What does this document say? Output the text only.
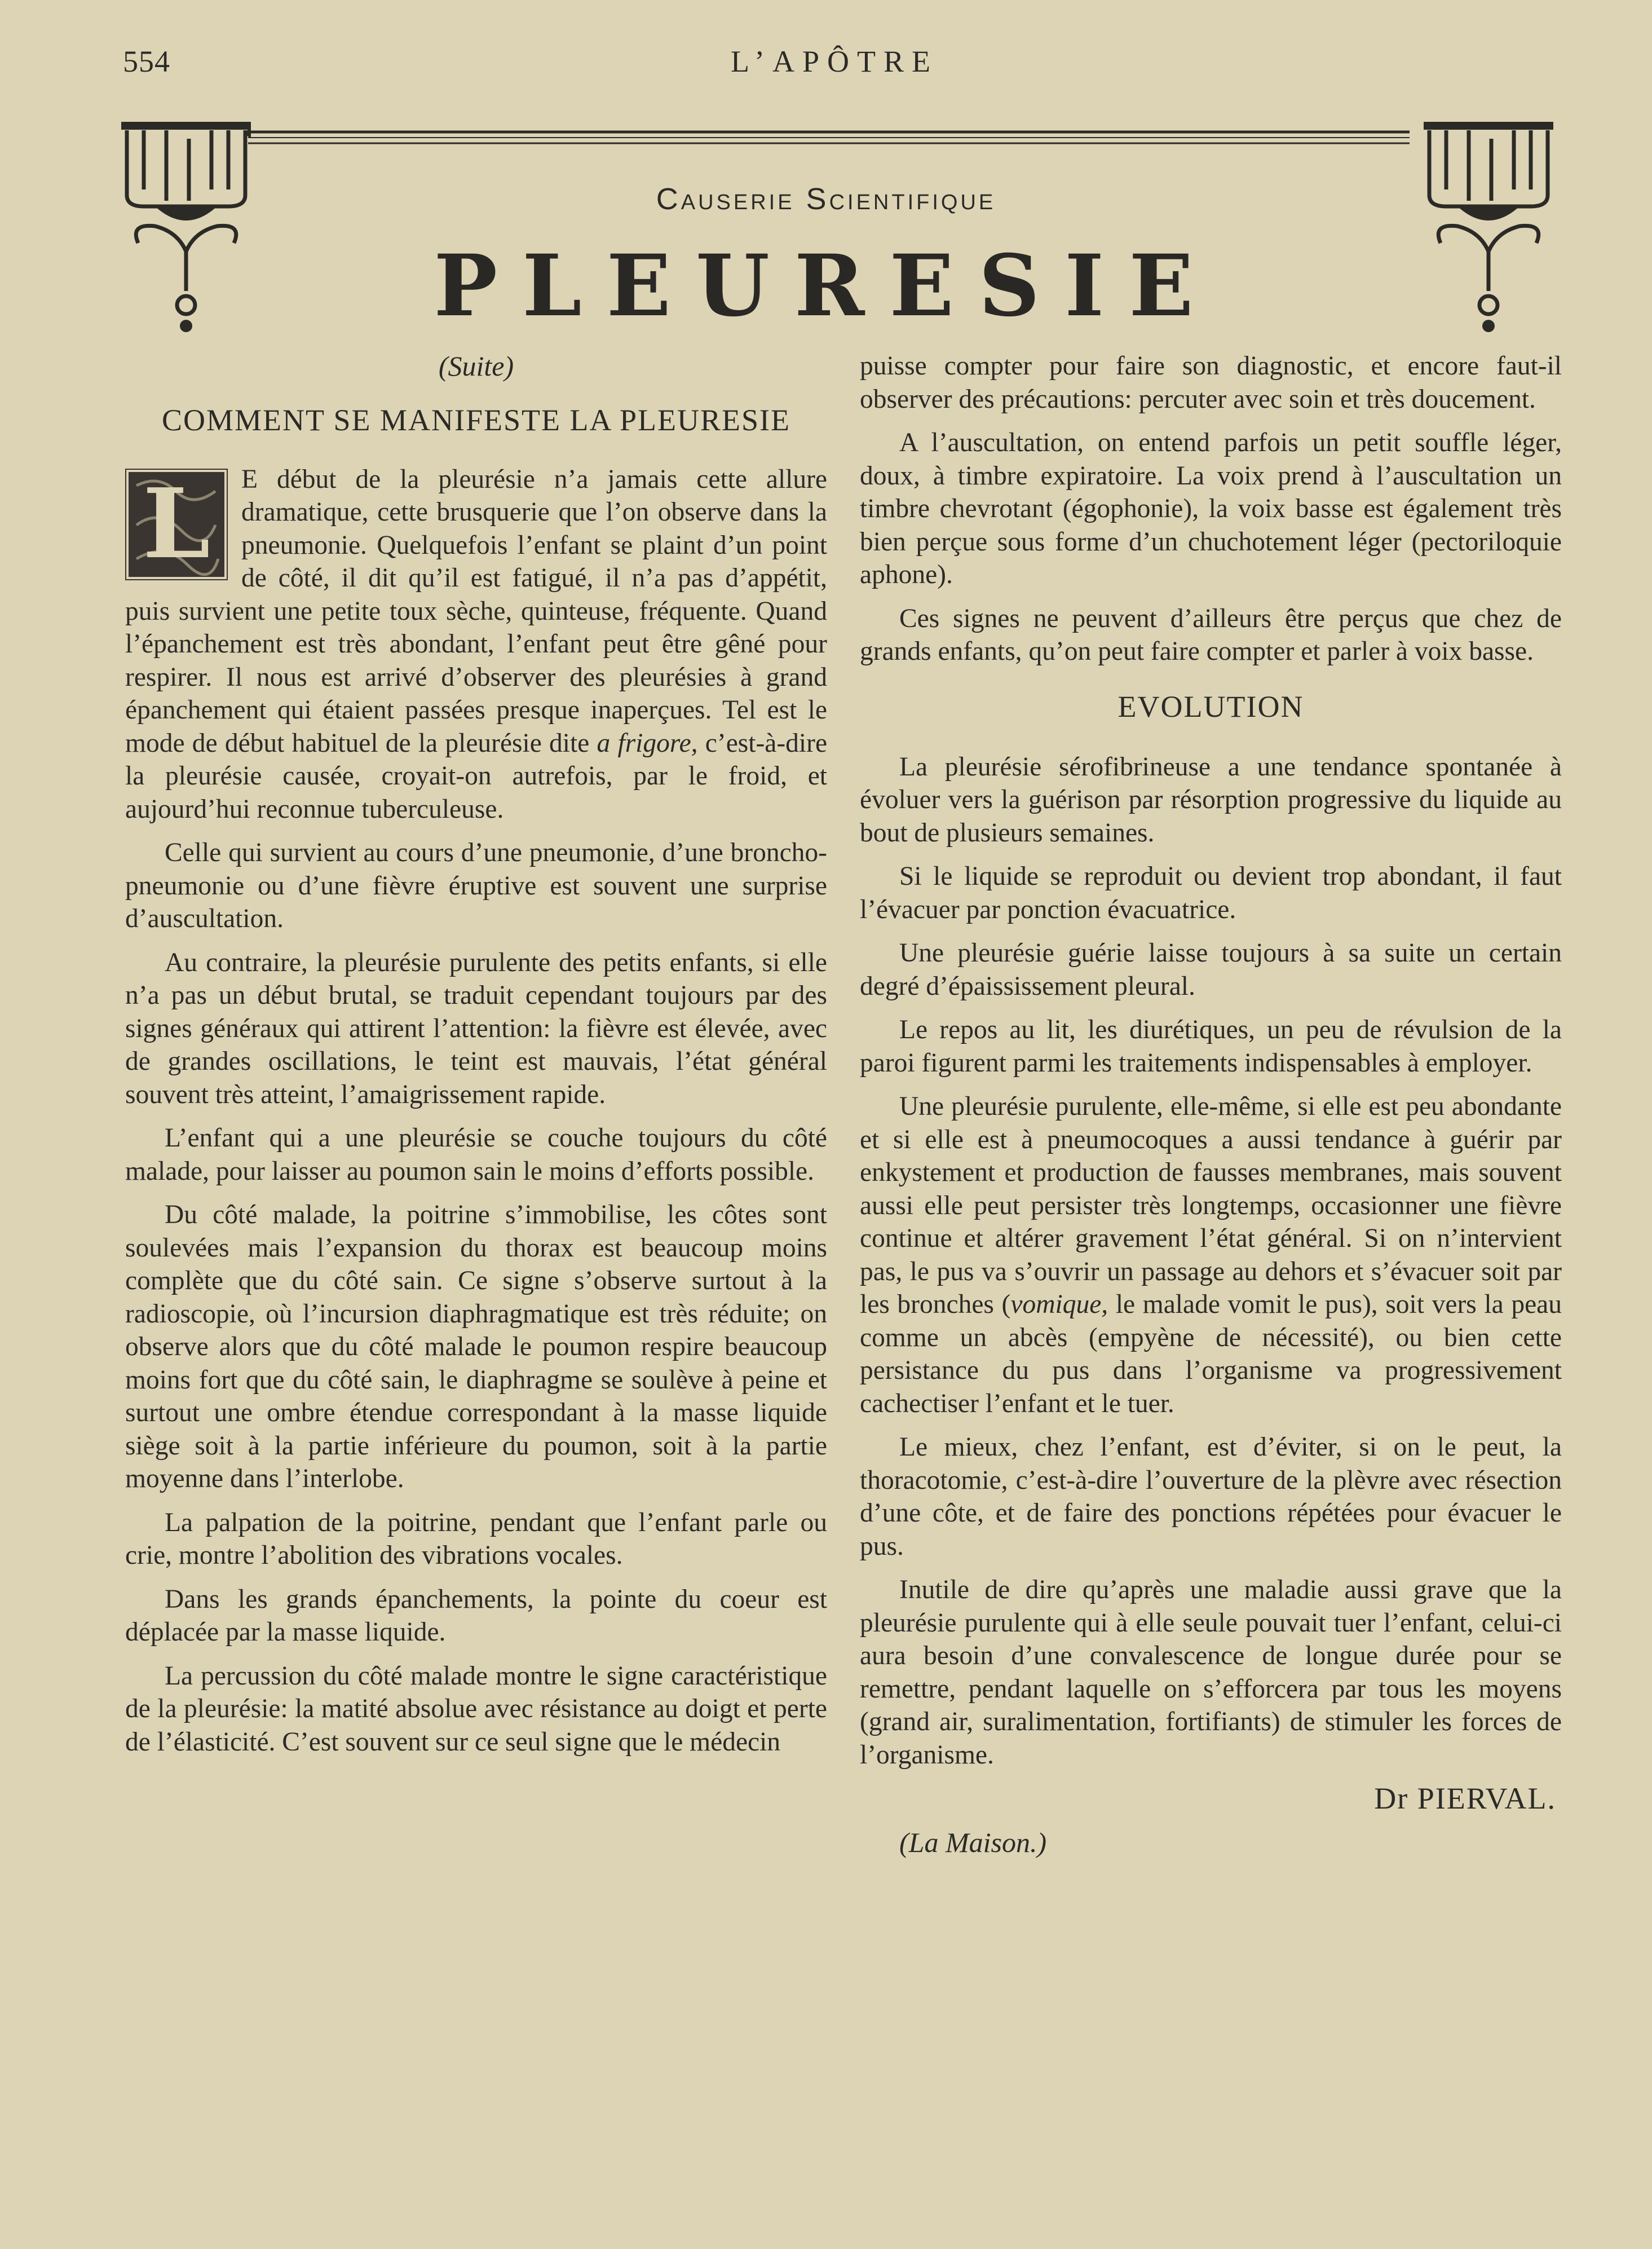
554	L’APÔTRE
Causerie Scientifique
PLEURESIE

(Suite)

COMMENT SE MANIFESTE LA PLEURESIE

L	E début de la pleurésie n’a jamais cette allure dramatique, cette brusquerie que l’on observe dans la pneumonie. Quelquefois l’enfant se plaint d’un point de côté, il dit qu’il est fatigué, il n’a pas d’appétit, puis survient une petite toux sèche, quinteuse, fréquente. Quand l’épanchement est très abondant, l’enfant peut être gêné pour respirer. Il nous est arrivé d’observer des pleurésies à grand épanchement qui étaient passées presque inaperçues. Tel est le mode de début habituel de la pleurésie dite a frigore, c’est-à-dire la pleurésie causée, croyait-on autrefois, par le froid, et aujourd’hui reconnue tuberculeuse.

Celle qui survient au cours d’une pneumonie, d’une broncho-pneumonie ou d’une fièvre éruptive est souvent une surprise d’auscultation.

Au contraire, la pleurésie purulente des petits enfants, si elle n’a pas un début brutal, se traduit cependant toujours par des signes généraux qui attirent l’attention: la fièvre est élevée, avec de grandes oscillations, le teint est mauvais, l’état général souvent très atteint, l’amaigrissement rapide.

L’enfant qui a une pleurésie se couche toujours du côté malade, pour laisser au poumon sain le moins d’efforts possible.

Du côté malade, la poitrine s’immobilise, les côtes sont soulevées mais l’expansion du thorax est beaucoup moins complète que du côté sain. Ce signe s’observe surtout à la radioscopie, où l’incursion diaphragmatique est très réduite; on observe alors que du côté malade le poumon respire beaucoup moins fort que du côté sain, le diaphragme se soulève à peine et surtout une ombre étendue correspondant à la masse liquide siège soit à la partie inférieure du poumon, soit à la partie moyenne dans l’interlobe.

La palpation de la poitrine, pendant que l’enfant parle ou crie, montre l’abolition des vibrations vocales.

Dans les grands épanchements, la pointe du coeur est déplacée par la masse liquide.

La percussion du côté malade montre le signe caractéristique de la pleurésie: la matité absolue avec résistance au doigt et perte de l’élasticité. C’est souvent sur ce seul signe que le médecin

puisse compter pour faire son diagnostic, et encore faut-il observer des précautions: percuter avec soin et très doucement.

A l’auscultation, on entend parfois un petit souffle léger, doux, à timbre expiratoire. La voix prend à l’auscultation un timbre chevrotant (égophonie), la voix basse est également très bien perçue sous forme d’un chuchotement léger (pectoriloquie aphone).

Ces signes ne peuvent d’ailleurs être perçus que chez de grands enfants, qu’on peut faire compter et parler à voix basse.

EVOLUTION

La pleurésie sérofibrineuse a une tendance spontanée à évoluer vers la guérison par résorption progressive du liquide au bout de plusieurs semaines.

Si le liquide se reproduit ou devient trop abondant, il faut l’évacuer par ponction évacuatrice.

Une pleurésie guérie laisse toujours à sa suite un certain degré d’épaississement pleural.

Le repos au lit, les diurétiques, un peu de révulsion de la paroi figurent parmi les traitements indispensables à employer.

Une pleurésie purulente, elle-même, si elle est peu abondante et si elle est à pneumocoques a aussi tendance à guérir par enkystement et production de fausses membranes, mais souvent aussi elle peut persister très longtemps, occasionner une fièvre continue et altérer gravement l’état général. Si on n’intervient pas, le pus va s’ouvrir un passage au dehors et s’évacuer soit par les bronches (vomique, le malade vomit le pus), soit vers la peau comme un abcès (empyène de nécessité), ou bien cette persistance du pus dans l’organisme va progressivement cachectiser l’enfant et le tuer.

Le mieux, chez l’enfant, est d’éviter, si on le peut, la thoracotomie, c’est-à-dire l’ouverture de la plèvre avec résection d’une côte, et de faire des ponctions répétées pour évacuer le pus.

Inutile de dire qu’après une maladie aussi grave que la pleurésie purulente qui à elle seule pouvait tuer l’enfant, celui-ci aura besoin d’une convalescence de longue durée pour se remettre, pendant laquelle on s’efforcera par tous les moyens (grand air, suralimentation, fortifiants) de stimuler les forces de l’organisme.

Dr PIERVAL.

(La Maison.)
